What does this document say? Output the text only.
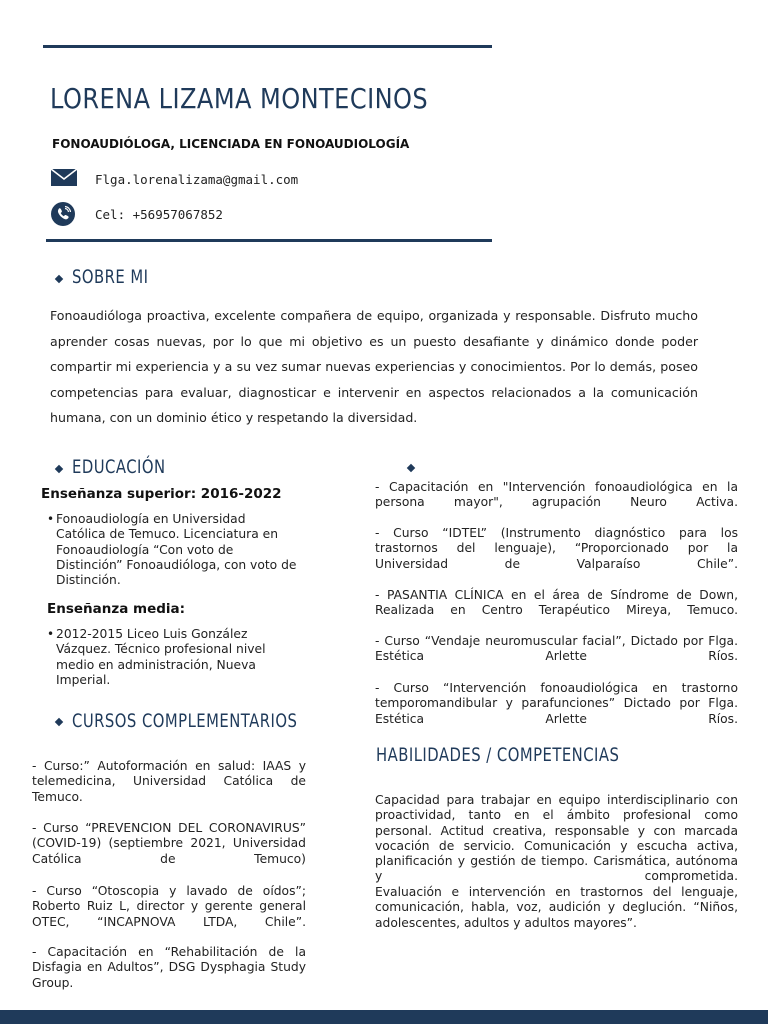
LORENA LIZAMA MONTECINOS
FONOAUDIÓLOGA, LICENCIADA EN FONOAUDIOLOGÍA
Flga.lorenalizama@gmail.com
Cel: +56957067852
SOBRE MI
Fonoaudióloga proactiva, excelente compañera de equipo, organizada y responsable. Disfruto mucho aprender cosas nuevas, por lo que mi objetivo es un puesto desafiante y dinámico donde poder compartir mi experiencia y a su vez sumar nuevas experiencias y conocimientos. Por lo demás, poseo competencias para evaluar, diagnosticar e intervenir en aspectos relacionados a la comunicación humana, con un dominio ético y respetando la diversidad.
EDUCACIÓN
Enseñanza superior: 2016-2022
• Fonoaudiología en Universidad Católica de Temuco. Licenciatura en Fonoaudiología “Con voto de Distinción” Fonoaudióloga, con voto de Distinción.
Enseñanza media:
• 2012-2015 Liceo Luis González Vázquez. Técnico profesional nivel medio en administración, Nueva Imperial.
CURSOS COMPLEMENTARIOS
- Curso:” Autoformación en salud: IAAS y telemedicina, Universidad Católica de Temuco.
- Curso “PREVENCION DEL CORONAVIRUS” (COVID-19) (septiembre 2021, Universidad Católica de Temuco)
- Curso “Otoscopia y lavado de oídos”; Roberto Ruiz L, director y gerente general OTEC, “INCAPNOVA LTDA, Chile”.
- Capacitación en “Rehabilitación de la Disfagia en Adultos”, DSG Dysphagia Study Group.
- Capacitación en "Intervención fonoaudiológica en la persona mayor", agrupación Neuro Activa.
- Curso “IDTEL” (Instrumento diagnóstico para los trastornos del lenguaje), “Proporcionado por la Universidad de Valparaíso Chile”.
- PASANTIA CLÍNICA en el área de Síndrome de Down, Realizada en Centro Terapéutico Mireya, Temuco.
- Curso “Vendaje neuromuscular facial”, Dictado por Flga. Estética Arlette Ríos.
- Curso “Intervención fonoaudiológica en trastorno temporomandibular y parafunciones” Dictado por Flga. Estética Arlette Ríos.
HABILIDADES / COMPETENCIAS
Capacidad para trabajar en equipo interdisciplinario con proactividad, tanto en el ámbito profesional como personal. Actitud creativa, responsable y con marcada vocación de servicio. Comunicación y escucha activa, planificación y gestión de tiempo. Carismática, autónoma y comprometida.
Evaluación e intervención en trastornos del lenguaje, comunicación, habla, voz, audición y deglución. “Niños, adolescentes, adultos y adultos mayores”.
